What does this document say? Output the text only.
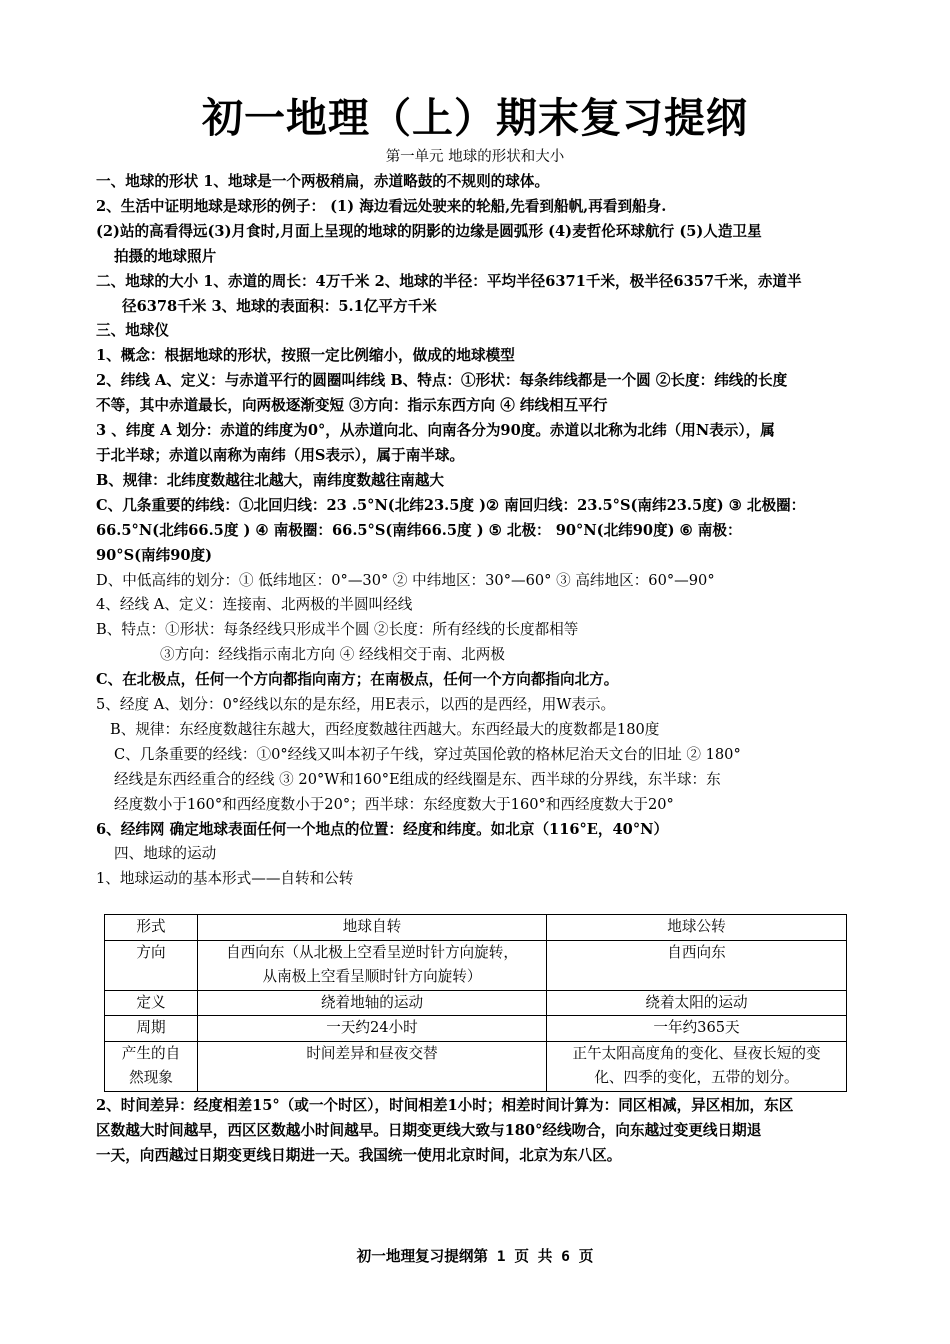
初一地理（上）期末复习提纲
第一单元 地球的形状和大小

一、地球的形状 1、地球是一个两极稍扁，赤道略鼓的不规则的球体。

2、生活中证明地球是球形的例子： (1) 海边看远处驶来的轮船,先看到船帆,再看到船身.

(2)站的高看得远(3)月食时,月面上呈现的地球的阴影的边缘是圆弧形 (4)麦哲伦环球航行 (5)人造卫星

拍摄的地球照片

二、地球的大小 1、赤道的周长：4万千米 2、地球的半径：平均半径6371千米，极半径6357千米，赤道半

径6378千米 3、地球的表面积：5.1亿平方千米

三、地球仪

1、概念：根据地球的形状，按照一定比例缩小，做成的地球模型

2、纬线 A、定义：与赤道平行的圆圈叫纬线 B、特点：①形状：每条纬线都是一个圆 ②长度：纬线的长度

不等，其中赤道最长，向两极逐渐变短 ③方向：指示东西方向 ④ 纬线相互平行

3 、纬度 A 划分：赤道的纬度为0°，从赤道向北、向南各分为90度。赤道以北称为北纬（用N表示），属

于北半球；赤道以南称为南纬（用S表示），属于南半球。

B、规律：北纬度数越往北越大，南纬度数越往南越大

C、几条重要的纬线：①北回归线：23 .5°N(北纬23.5度 )② 南回归线：23.5°S(南纬23.5度) ③ 北极圈：

66.5°N(北纬66.5度 ) ④ 南极圈：66.5°S(南纬66.5度 ) ⑤ 北极： 90°N(北纬90度) ⑥ 南极：

90°S(南纬90度)

D、中低高纬的划分：① 低纬地区：0°—30° ② 中纬地区：30°—60° ③ 高纬地区：60°—90°

4、经线 A、定义：连接南、北两极的半圆叫经线

B、特点：①形状：每条经线只形成半个圆 ②长度：所有经线的长度都相等

③方向：经线指示南北方向 ④ 经线相交于南、北两极

C、在北极点，任何一个方向都指向南方；在南极点，任何一个方向都指向北方。

5、经度 A、划分：0°经线以东的是东经，用E表示，以西的是西经，用W表示。

B、规律：东经度数越往东越大，西经度数越往西越大。东西经最大的度数都是180度

C、几条重要的经线：①0°经线又叫本初子午线，穿过英国伦敦的格林尼治天文台的旧址 ② 180°

经线是东西经重合的经线 ③ 20°W和160°E组成的经线圈是东、西半球的分界线，东半球：东

经度数小于160°和西经度数小于20°；西半球：东经度数大于160°和西经度数大于20°

6、经纬网 确定地球表面任何一个地点的位置：经度和纬度。如北京（116°E，40°N）

四、地球的运动

1、地球运动的基本形式——自转和公转

形式	地球自转	地球公转
方向	自西向东（从北极上空看呈逆时针方向旋转，
从南极上空看呈顺时针方向旋转）	自西向东
定义	绕着地轴的运动	绕着太阳的运动
周期	一天约24小时	一年约365天
产生的自
然现象	时间差异和昼夜交替	正午太阳高度角的变化、昼夜长短的变
化、四季的变化，五带的划分。

2、时间差异：经度相差15°（或一个时区），时间相差1小时；相差时间计算为：同区相减，异区相加，东区

区数越大时间越早，西区区数越小时间越早。日期变更线大致与180°经线吻合，向东越过变更线日期退

一天，向西越过日期变更线日期进一天。我国统一使用北京时间，北京为东八区。

初一地理复习提纲第 1 页 共 6 页
